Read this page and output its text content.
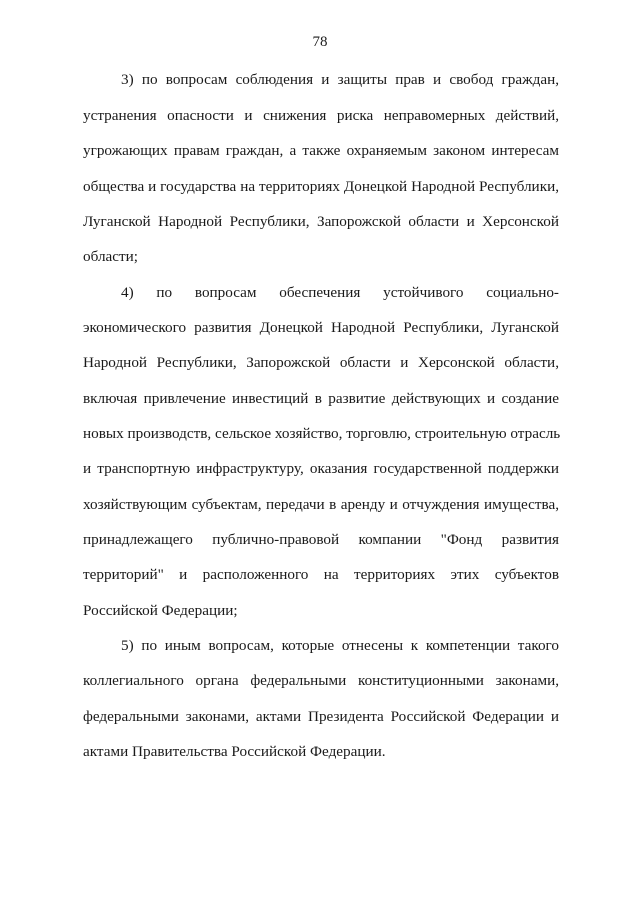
78
3) по вопросам соблюдения и защиты прав и свобод граждан,
устранения опасности и снижения риска неправомерных действий,
угрожающих правам граждан, а также охраняемым законом интересам
общества и государства на территориях Донецкой Народной Республики,
Луганской Народной Республики, Запорожской области и Херсонской
области;
4) по вопросам обеспечения устойчивого социально-
экономического развития Донецкой Народной Республики, Луганской
Народной Республики, Запорожской области и Херсонской области,
включая привлечение инвестиций в развитие действующих и создание
новых производств, сельское хозяйство, торговлю, строительную отрасль
и транспортную инфраструктуру, оказания государственной поддержки
хозяйствующим субъектам, передачи в аренду и отчуждения имущества,
принадлежащего публично-правовой компании "Фонд развития
территорий" и расположенного на территориях этих субъектов
Российской Федерации;
5) по иным вопросам, которые отнесены к компетенции такого
коллегиального органа федеральными конституционными законами,
федеральными законами, актами Президента Российской Федерации и
актами Правительства Российской Федерации.
